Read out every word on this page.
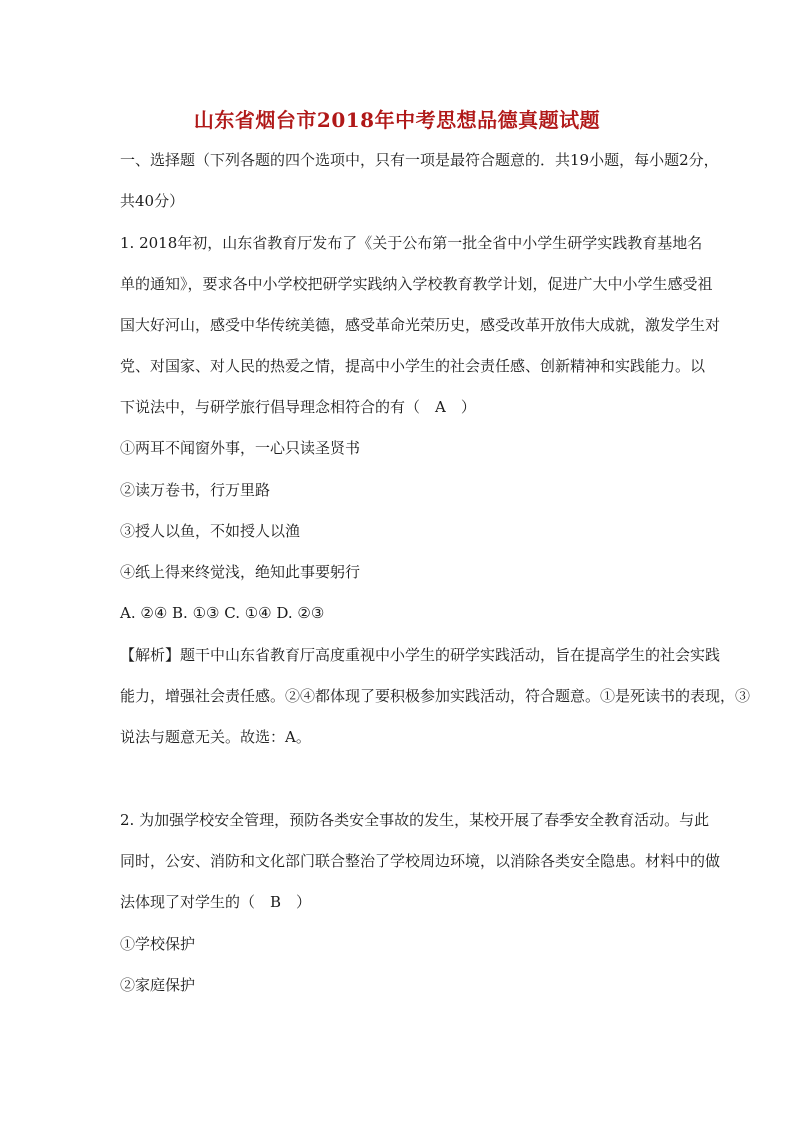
山东省烟台市2018年中考思想品德真题试题
一、选择题（下列各题的四个选项中，只有一项是最符合题意的．共19小题，每小题2分，
共40分）
1. 2018年初，山东省教育厅发布了《关于公布第一批全省中小学生研学实践教育基地名
单的通知》，要求各中小学校把研学实践纳入学校教育教学计划，促进广大中小学生感受祖
国大好河山，感受中华传统美德，感受革命光荣历史，感受改革开放伟大成就，激发学生对
党、对国家、对人民的热爱之情，提高中小学生的社会责任感、创新精神和实践能力。以
下说法中，与研学旅行倡导理念相符合的有（　A　）
①两耳不闻窗外事，一心只读圣贤书
②读万卷书，行万里路
③授人以鱼，不如授人以渔
④纸上得来终觉浅，绝知此事要躬行
A. ②④ B. ①③ C. ①④ D. ②③
【解析】题干中山东省教育厅高度重视中小学生的研学实践活动，旨在提高学生的社会实践
能力，增强社会责任感。②④都体现了要积极参加实践活动，符合题意。①是死读书的表现，③
说法与题意无关。故选：A。
2. 为加强学校安全管理，预防各类安全事故的发生，某校开展了春季安全教育活动。与此
同时，公安、消防和文化部门联合整治了学校周边环境，以消除各类安全隐患。材料中的做
法体现了对学生的（　B　）
①学校保护
②家庭保护
